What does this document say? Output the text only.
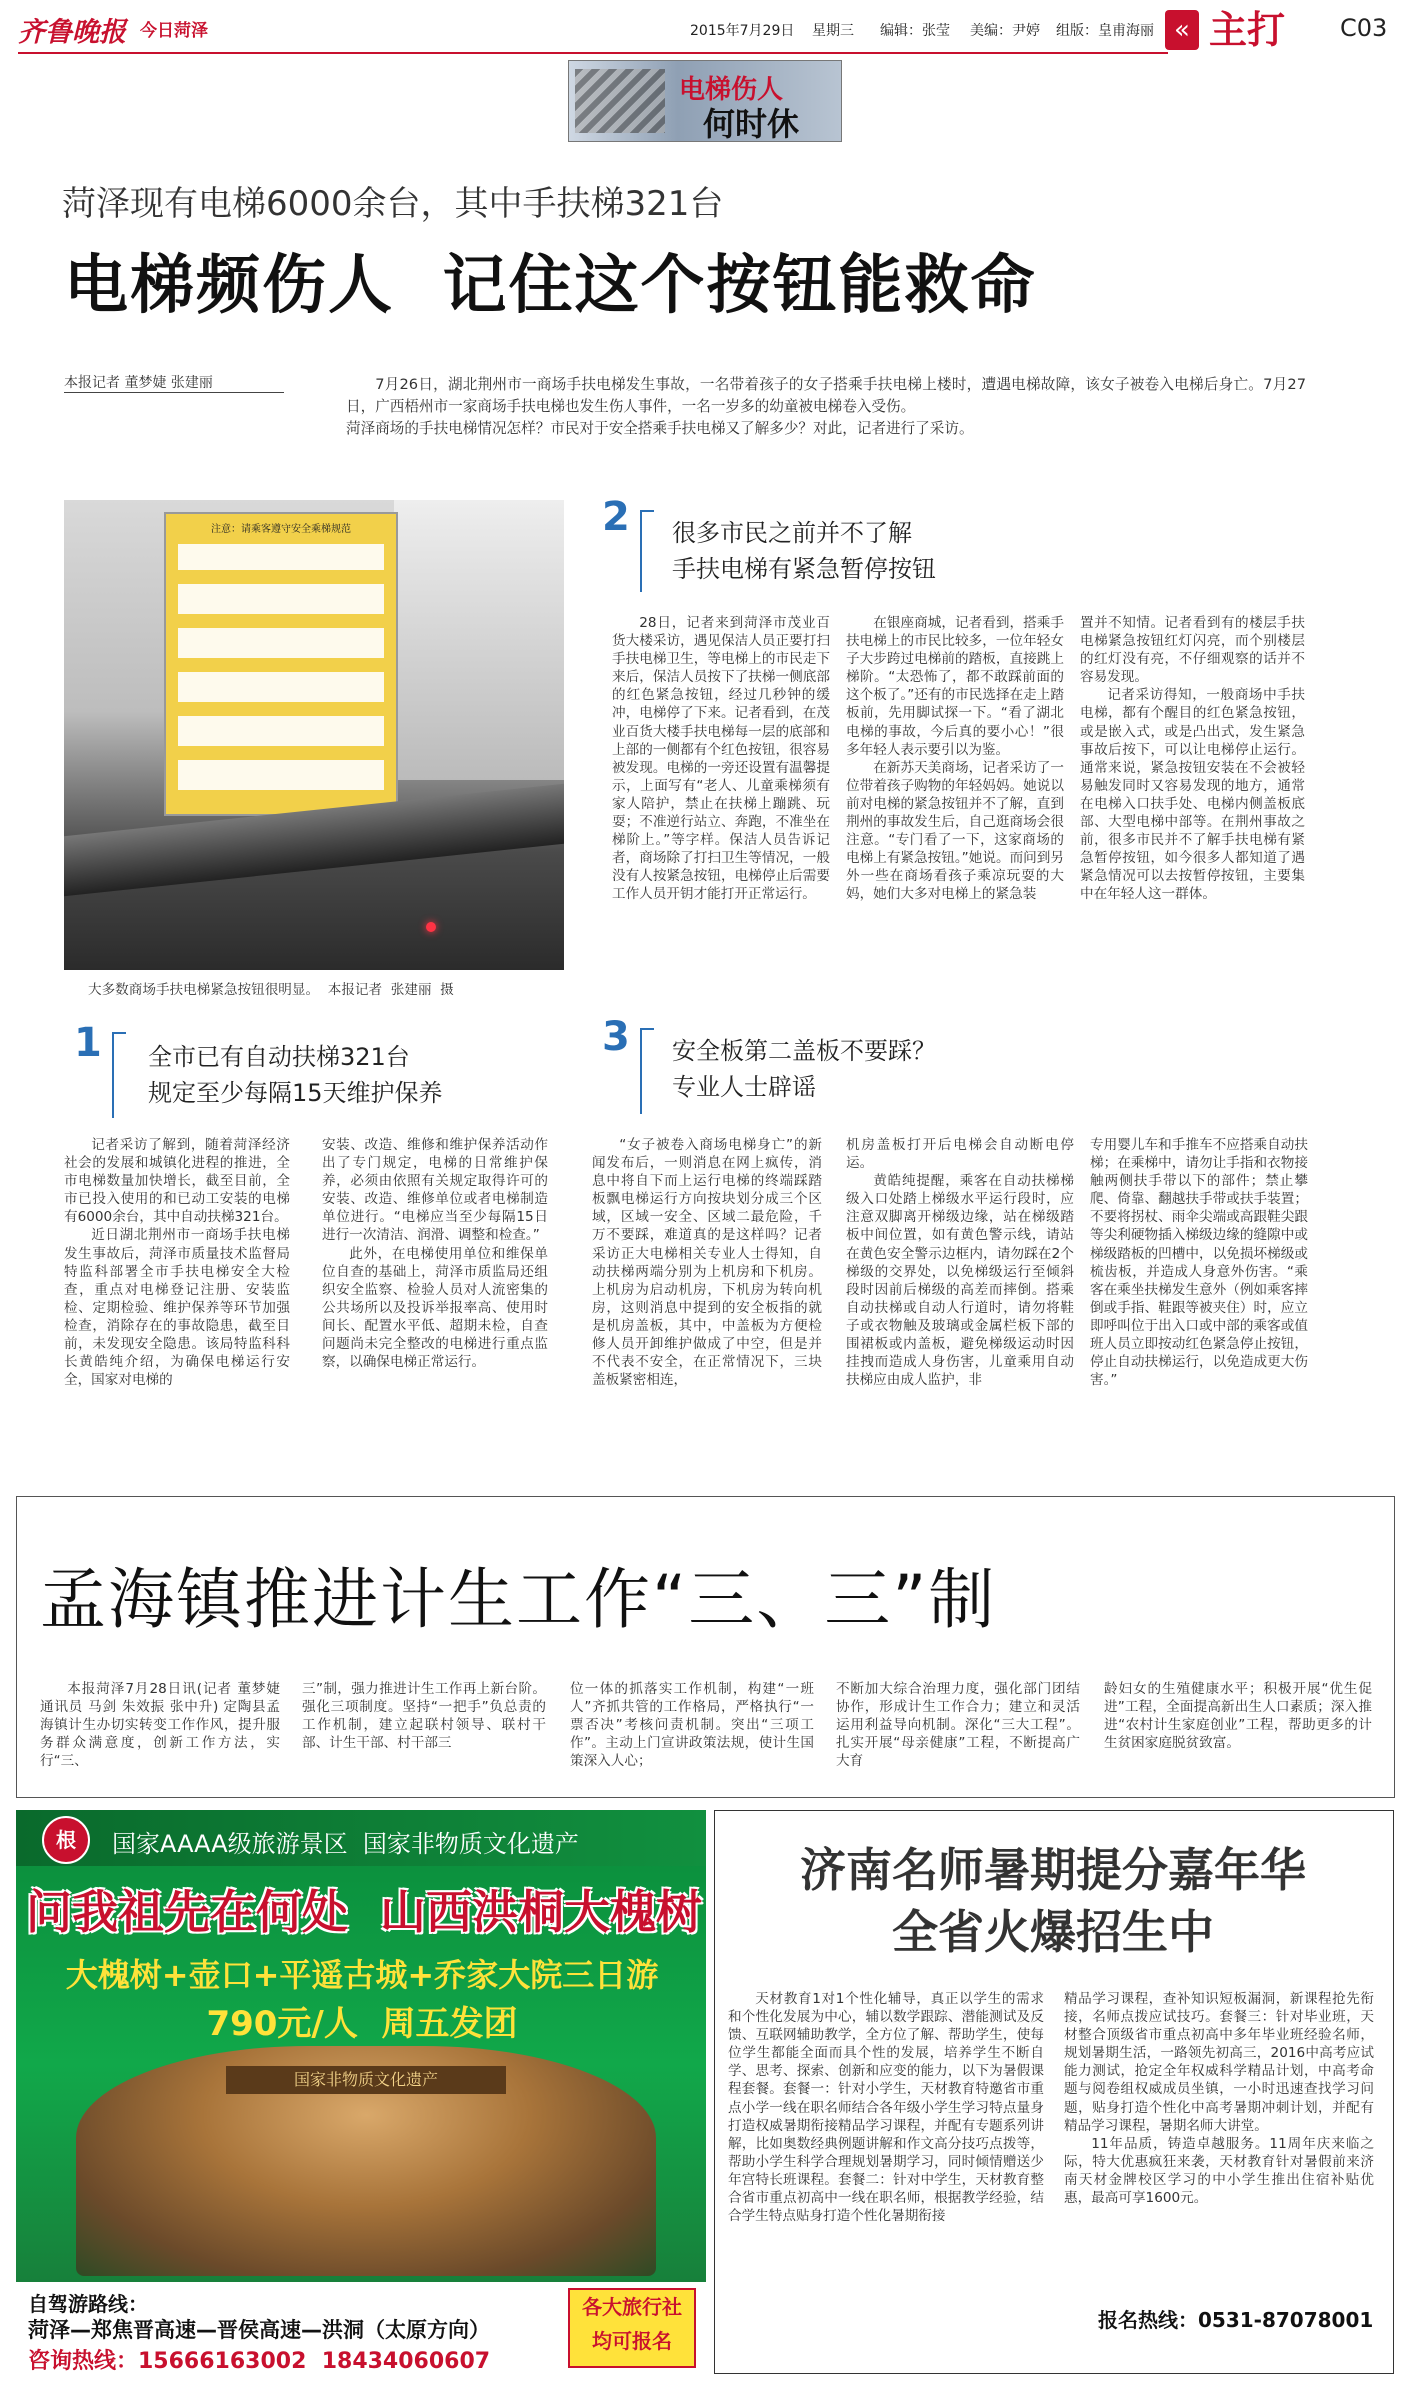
齐鲁晚报 今日菏泽	2015年7月29日 星期三 编辑：张莹 美编：尹婷 组版：皇甫海丽 « 主打 C03
电梯伤人
何时休
菏泽现有电梯6000余台，其中手扶梯321台
电梯频伤人  记住这个按钮能救命
本报记者 董梦婕 张建丽	7月26日，湖北荆州市一商场手扶电梯发生事故，一名带着孩子的女子搭乘手扶电梯上楼时，遭遇电梯故障，该女子被卷入电梯后身亡。7月27日，广西梧州市一家商场手扶电梯也发生伤人事件，一名一岁多的幼童被电梯卷入受伤。

菏泽商场的手扶电梯情况怎样？市民对于安全搭乘手扶电梯又了解多少？对此，记者进行了采访。

注意：请乘客遵守安全乘梯规范
大多数商场手扶电梯紧急按钮很明显。  本报记者  张建丽  摄
2 很多市民之前并不了解
手扶电梯有紧急暂停按钮

28日，记者来到菏泽市茂业百货大楼采访，遇见保洁人员正要打扫手扶电梯卫生，等电梯上的市民走下来后，保洁人员按下了扶梯一侧底部的红色紧急按钮，经过几秒钟的缓冲，电梯停了下来。记者看到，在茂业百货大楼手扶电梯每一层的底部和上部的一侧都有个红色按钮，很容易被发现。电梯的一旁还设置有温馨提示，上面写有“老人、儿童乘梯须有家人陪护，禁止在扶梯上蹦跳、玩耍；不准逆行站立、奔跑，不准坐在梯阶上。”等字样。保洁人员告诉记者，商场除了打扫卫生等情况，一般没有人按紧急按钮，电梯停止后需要工作人员开钥才能打开正常运行。

在银座商城，记者看到，搭乘手扶电梯上的市民比较多，一位年轻女子大步跨过电梯前的踏板，直接跳上梯阶。“太恐怖了，都不敢踩前面的这个板了。”还有的市民选择在走上踏板前，先用脚试探一下。“看了湖北电梯的事故，今后真的要小心！”很多年轻人表示要引以为鉴。

在新苏天美商场，记者采访了一位带着孩子购物的年轻妈妈。她说以前对电梯的紧急按钮并不了解，直到荆州的事故发生后，自己逛商场会很注意。“专门看了一下，这家商场的电梯上有紧急按钮。”她说。而问到另外一些在商场看孩子乘凉玩耍的大妈，她们大多对电梯上的紧急装

置并不知情。记者看到有的楼层手扶电梯紧急按钮红灯闪亮，而个别楼层的红灯没有亮，不仔细观察的话并不容易发现。

记者采访得知，一般商场中手扶电梯，都有个醒目的红色紧急按钮，或是嵌入式，或是凸出式，发生紧急事故后按下，可以让电梯停止运行。通常来说，紧急按钮安装在不会被轻易触发同时又容易发现的地方，通常在电梯入口扶手处、电梯内侧盖板底部、大型电梯中部等。在荆州事故之前，很多市民并不了解手扶电梯有紧急暂停按钮，如今很多人都知道了遇紧急情况可以去按暂停按钮，主要集中在年轻人这一群体。

1 全市已有自动扶梯321台
规定至少每隔15天维护保养
3 安全板第二盖板不要踩？
专业人士辟谣

记者采访了解到，随着菏泽经济社会的发展和城镇化进程的推进，全市电梯数量加快增长，截至目前，全市已投入使用的和已动工安装的电梯有6000余台，其中自动扶梯321台。

近日湖北荆州市一商场手扶电梯发生事故后，菏泽市质量技术监督局特监科部署全市手扶电梯安全大检查，重点对电梯登记注册、安装监检、定期检验、维护保养等环节加强检查，消除存在的事故隐患，截至目前，未发现安全隐患。该局特监科科长黄皓纯介绍，为确保电梯运行安全，国家对电梯的

安装、改造、维修和维护保养活动作出了专门规定，电梯的日常维护保养，必须由依照有关规定取得许可的安装、改造、维修单位或者电梯制造单位进行。“电梯应当至少每隔15日进行一次清洁、润滑、调整和检查。”

此外，在电梯使用单位和维保单位自查的基础上，菏泽市质监局还组织安全监察、检验人员对人流密集的公共场所以及投诉举报率高、使用时间长、配置水平低、超期未检，自查问题尚未完全整改的电梯进行重点监察，以确保电梯正常运行。

“女子被卷入商场电梯身亡”的新闻发布后，一则消息在网上疯传，消息中将自下而上运行电梯的终端踩踏板飘电梯运行方向按块划分成三个区域，区域一安全、区域二最危险，千万不要踩，难道真的是这样吗？记者采访正大电梯相关专业人士得知，自动扶梯两端分别为上机房和下机房。上机房为启动机房，下机房为转向机房，这则消息中提到的安全板指的就是机房盖板，其中，中盖板为方便检修人员开卸维护做成了中空，但是并不代表不安全，在正常情况下，三块盖板紧密相连，

机房盖板打开后电梯会自动断电停运。

黄皓纯提醒，乘客在自动扶梯梯级入口处踏上梯级水平运行段时，应注意双脚离开梯级边缘，站在梯级踏板中间位置，如有黄色警示线，请站在黄色安全警示边框内，请勿踩在2个梯级的交界处，以免梯级运行至倾斜段时因前后梯级的高差而摔倒。搭乘自动扶梯或自动人行道时，请勿将鞋子或衣物触及玻璃或金属栏板下部的围裙板或内盖板，避免梯级运动时因挂拽而造成人身伤害，儿童乘用自动扶梯应由成人监护，非

专用婴儿车和手推车不应搭乘自动扶梯；在乘梯中，请勿让手指和衣物接触两侧扶手带以下的部件；禁止攀爬、倚靠、翻越扶手带或扶手装置；不要将拐杖、雨伞尖端或高跟鞋尖跟等尖利硬物插入梯级边缘的缝隙中或梯级踏板的凹槽中，以免损坏梯级或梳齿板，并造成人身意外伤害。“乘客在乘坐扶梯发生意外（例如乘客摔倒或手指、鞋跟等被夹住）时，应立即呼叫位于出入口或中部的乘客或值班人员立即按动红色紧急停止按钮，停止自动扶梯运行，以免造成更大伤害。”

孟海镇推进计生工作“三、三”制

本报菏泽7月28日讯(记者 董梦婕 通讯员 马剑 朱效振 张中升) 定陶县孟海镇计生办切实转变工作作风，提升服务群众满意度，创新工作方法，实行“三、

三”制，强力推进计生工作再上新台阶。强化三项制度。坚持“一把手”负总责的工作机制，建立起联村领导、联村干部、计生干部、村干部三

位一体的抓落实工作机制，构建“一班人”齐抓共管的工作格局，严格执行“一票否决”考核问责机制。突出“三项工作”。主动上门宣讲政策法规，使计生国策深入人心；

不断加大综合治理力度，强化部门团结协作，形成计生工作合力；建立和灵活运用利益导向机制。深化“三大工程”。扎实开展“母亲健康”工程，不断提高广大育

龄妇女的生殖健康水平；积极开展“优生促进”工程，全面提高新出生人口素质；深入推进“农村计生家庭创业”工程，帮助更多的计生贫困家庭脱贫致富。

根	国家AAAA级旅游景区  国家非物质文化遗产
问我祖先在何处  山西洪桐大槐树
大槐树+壶口+平遥古城+乔家大院三日游
790元/人  周五发团
国家非物质文化遗产
自驾游路线：
菏泽—郑焦晋高速—晋侯高速—洪洞（太原方向）
咨询热线：15666163002  18434060607
各大旅行社
均可报名
济南名师暑期提分嘉年华
全省火爆招生中

天材教育1对1个性化辅导，真正以学生的需求和个性化发展为中心，辅以数学跟踪、潜能测试及反馈、互联网辅助教学，全方位了解、帮助学生，使每位学生都能全面而具个性的发展，培养学生不断自学、思考、探索、创新和应变的能力，以下为暑假课程套餐。套餐一：针对小学生，天材教育特邀省市重点小学一线在职名师结合各年级小学生学习特点量身打造权威暑期衔接精品学习课程，并配有专题系列讲解，比如奥数经典例题讲解和作文高分技巧点拨等，帮助小学生科学合理规划暑期学习，同时倾情赠送少年宫特长班课程。套餐二：针对中学生，天材教育整合省市重点初高中一线在职名师，根据教学经验，结合学生特点贴身打造个性化暑期衔接

精品学习课程，查补知识短板漏洞，新课程抢先衔接，名师点拨应试技巧。套餐三：针对毕业班，天材整合顶级省市重点初高中多年毕业班经验名师，规划暑期生活，一路领先初高三，2016中高考应试能力测试，抢定全年权威科学精品计划，中高考命题与阅卷组权威成员坐镇，一小时迅速查找学习问题，贴身打造个性化中高考暑期冲刺计划，并配有精品学习课程，暑期名师大讲堂。

11年品质，铸造卓越服务。11周年庆来临之际，特大优惠疯狂来袭，天材教育针对暑假前来济南天材金牌校区学习的中小学生推出住宿补贴优惠，最高可享1600元。

报名热线：0531-87078001
